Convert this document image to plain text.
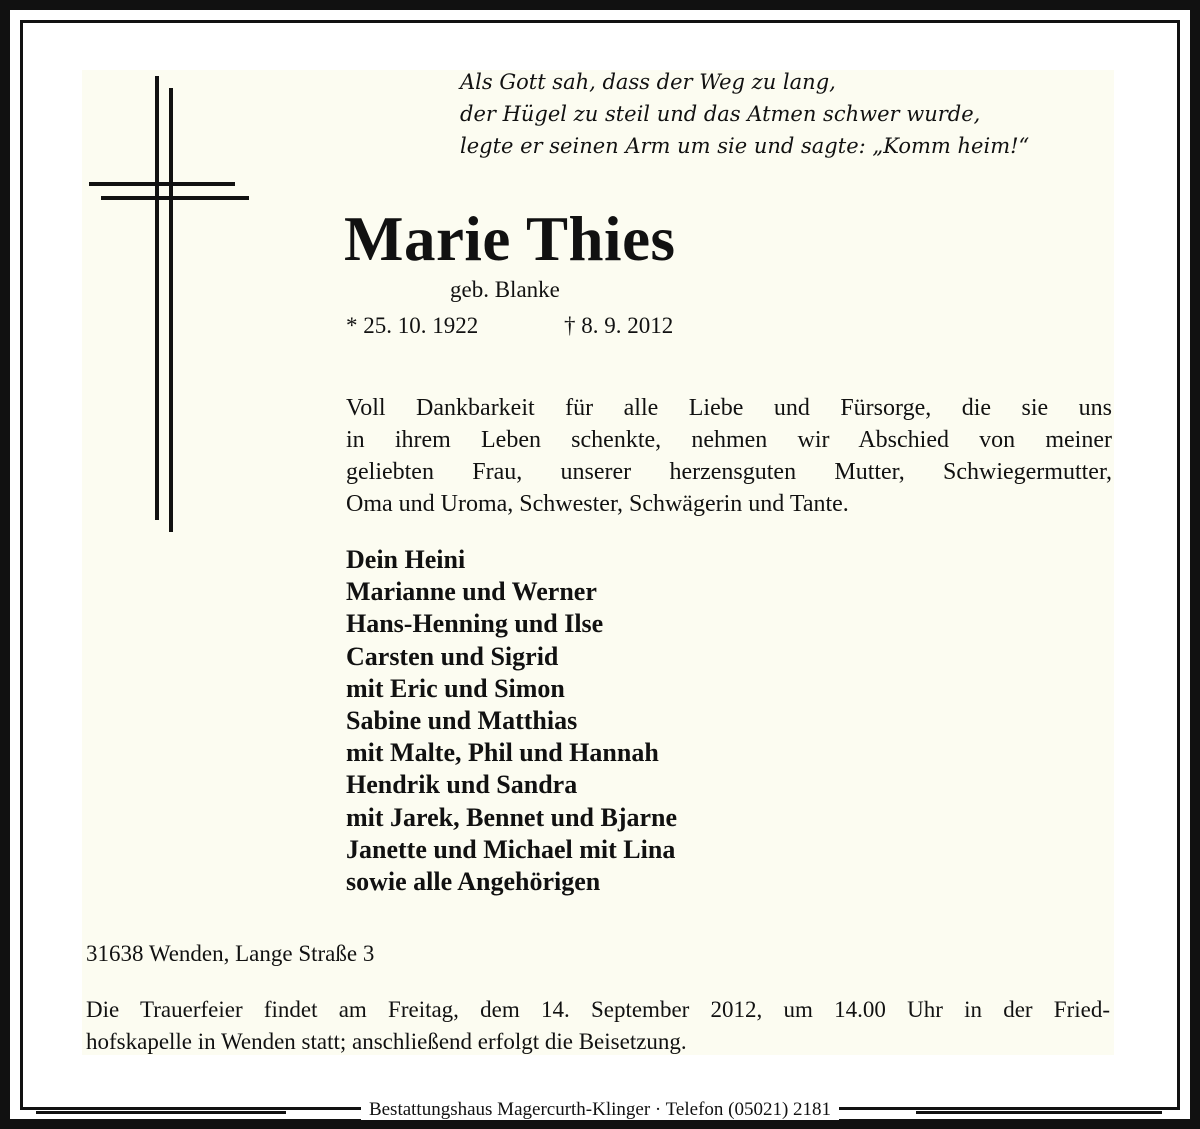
Als Gott sah, dass der Weg zu lang,
der Hügel zu steil und das Atmen schwer wurde,
legte er seinen Arm um sie und sagte: „Komm heim!“
Marie Thies
geb. Blanke
* 25. 10. 1922	† 8. 9. 2012
Voll Dankbarkeit für alle Liebe und Fürsorge, die sie uns
in ihrem Leben schenkte, nehmen wir Abschied von meiner
geliebten Frau, unserer herzensguten Mutter, Schwiegermutter,
Oma und Uroma, Schwester, Schwägerin und Tante.
Dein Heini
Marianne und Werner
Hans-Henning und Ilse
Carsten und Sigrid
mit Eric und Simon
Sabine und Matthias
mit Malte, Phil und Hannah
Hendrik und Sandra
mit Jarek, Bennet und Bjarne
Janette und Michael mit Lina
sowie alle Angehörigen
31638 Wenden, Lange Straße 3
Die Trauerfeier findet am Freitag, dem 14. September 2012, um 14.00 Uhr in der Fried-
hofskapelle in Wenden statt; anschließend erfolgt die Beisetzung.
Bestattungshaus Magercurth-Klinger · Telefon (05021) 2181
